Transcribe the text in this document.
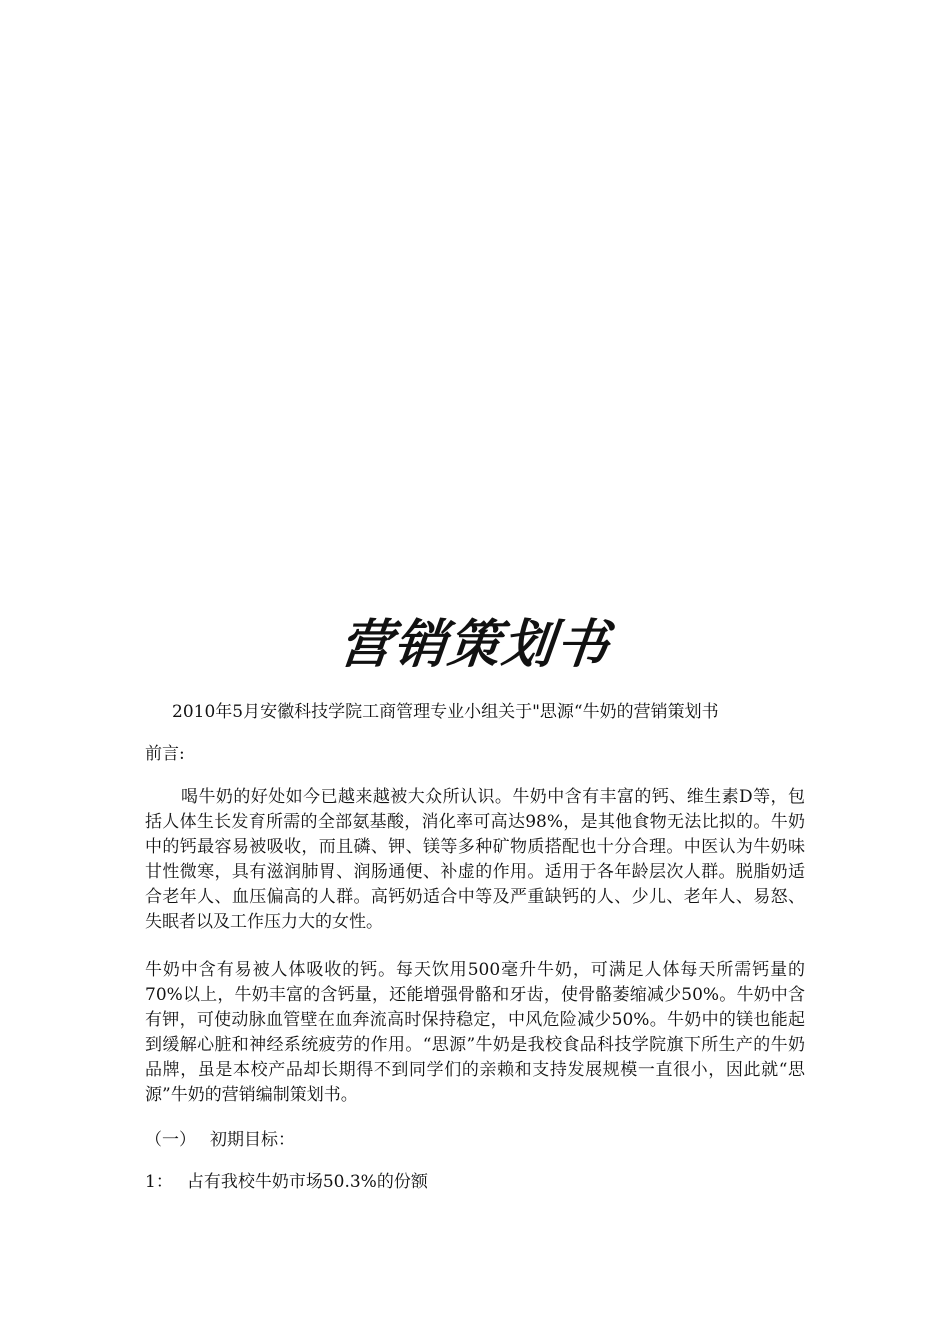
营销策划书
2010年5月安徽科技学院工商管理专业小组关于"思源“牛奶的营销策划书
前言:
喝牛奶的好处如今已越来越被大众所认识。牛奶中含有丰富的钙、维生素D等，包括人体生长发育所需的全部氨基酸，消化率可高达98%，是其他食物无法比拟的。牛奶中的钙最容易被吸收，而且磷、钾、镁等多种矿物质搭配也十分合理。中医认为牛奶味甘性微寒，具有滋润肺胃、润肠通便、补虚的作用。适用于各年龄层次人群。脱脂奶适合老年人、血压偏高的人群。高钙奶适合中等及严重缺钙的人、少儿、老年人、易怒、失眠者以及工作压力大的女性。
牛奶中含有易被人体吸收的钙。每天饮用500毫升牛奶，可满足人体每天所需钙量的70%以上，牛奶丰富的含钙量，还能增强骨骼和牙齿，使骨骼萎缩减少50%。牛奶中含有钾，可使动脉血管壁在血奔流高时保持稳定，中风危险减少50%。牛奶中的镁也能起到缓解心脏和神经系统疲劳的作用。“思源”牛奶是我校食品科技学院旗下所生产的牛奶品牌，虽是本校产品却长期得不到同学们的亲赖和支持发展规模一直很小，因此就“思源”牛奶的营销编制策划书。
（一） 初期目标：
1： 占有我校牛奶市场50.3%的份额
